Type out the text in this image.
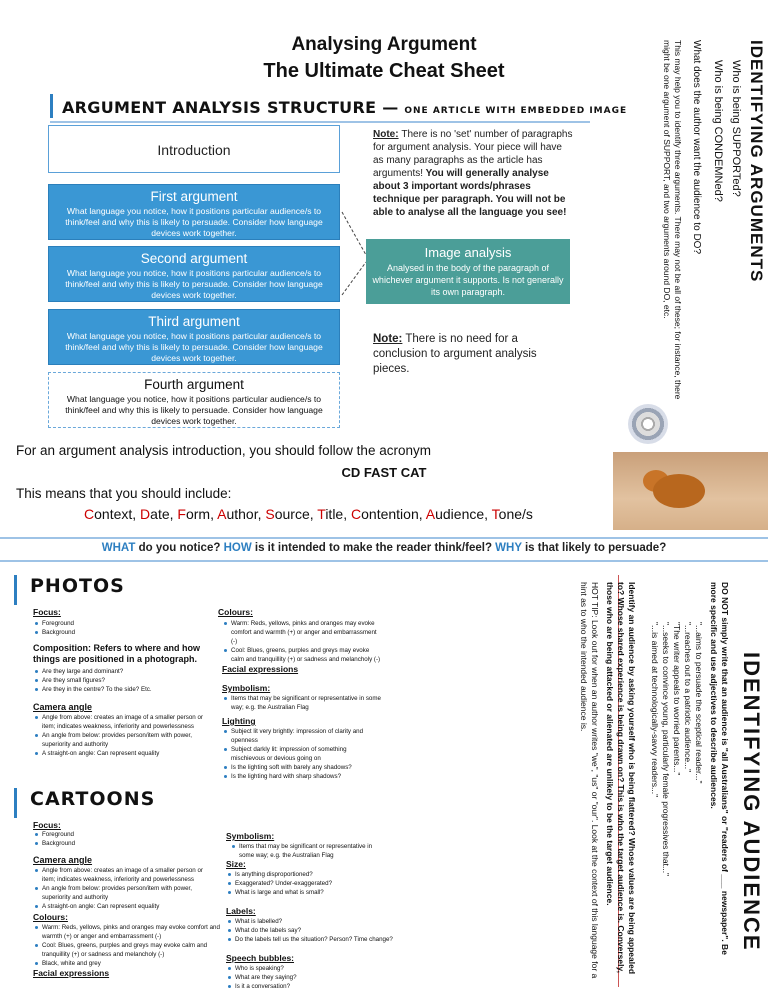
Analysing Argument
The Ultimate Cheat Sheet
ARGUMENT ANALYSIS STRUCTURE — ONE ARTICLE WITH EMBEDDED IMAGE
Introduction
First argument

What language you notice, how it positions particular audience/s to think/feel and why this is likely to persuade. Consider how language devices work together.

Second argument

What language you notice, how it positions particular audience/s to think/feel and why this is likely to persuade. Consider how language devices work together.

Third argument

What language you notice, how it positions particular audience/s to think/feel and why this is likely to persuade. Consider how language devices work together.

Fourth argument

What language you notice, how it positions particular audience/s to think/feel and why this is likely to persuade. Consider how language devices work together.

Note: There is no 'set' number of paragraphs for argument analysis. Your piece will have as many paragraphs as the article has arguments! You will generally analyse about 3 important words/phrases technique per paragraph. You will not be able to analyse all the language you see!
Image analysis

Analysed in the body of the paragraph of whichever argument it supports. Is not generally its own paragraph.

Note: There is no need for a conclusion to argument analysis pieces.
IDENTIFYING ARGUMENTS
Who is being SUPPORTed?
Who is being CONDEMNed?
What does the author want the audience to DO?
This may help you to identify three arguments. There may not be all of these; for instance, there might be one argument of SUPPORT, and two arguments around DO, etc.
For an argument analysis introduction, you should follow the acronym
CD FAST CAT
This means that you should include:
Context, Date, Form, Author, Source, Title, Contention, Audience, Tone/s
WHAT do you notice? HOW is it intended to make the reader think/feel? WHY is that likely to persuade?
PHOTOS
Focus:
Foreground
Background
Composition: Refers to where and how things are positioned in a photograph.
Are they large and dominant?
Are they small figures?
Are they in the centre? To the side? Etc.
Camera angle
Angle from above: creates an image of a smaller person or item; indicates weakness, inferiority and powerlessness
An angle from below: provides person/item with power, superiority and authority
A straight-on angle: Can represent equality
Colours:
Warm: Reds, yellows, pinks and oranges may evoke comfort and warmth (+) or anger and embarrassment (-)
Cool: Blues, greens, purples and greys may evoke calm and tranquillity (+) or sadness and melancholy (-)
Facial expressions
Symbolism:
Items that may be significant or representative in some way; e.g. the Australian Flag
Lighting
Subject lit very brightly: impression of clarity and openness
Subject darkly lit: impression of something mischievous or devious going on
Is the lighting soft with barely any shadows?
Is the lighting hard with sharp shadows?
CARTOONS
Focus:
Foreground
Background
Camera angle
Angle from above: creates an image of a smaller person or item; indicates weakness, inferiority and powerlessness
An angle from below: provides person/item with power, superiority and authority
A straight-on angle: Can represent equality
Colours:
Warm: Reds, yellows, pinks and oranges may evoke comfort and warmth (+) or anger and embarrassment (-)
Cool: Blues, greens, purples and greys may evoke calm and tranquillity (+) or sadness and melancholy (-)
Black, white and grey
Facial expressions
Symbolism:
Items that may be significant or representative in some way; e.g. the Australian Flag
Size:
Is anything disproportioned?
Exaggerated? Under-exaggerated?
What is large and what is small?
Labels:
What is labelled?
What do the labels say?
Do the labels tell us the situation? Person? Time change?
Speech bubbles:
Who is speaking?
What are they saying?
Is it a conversation?
IDENTIFYING AUDIENCE
DO NOT simply write that an audience is "all Australians" or "readers of ___ newspaper". Be more specific and use adjectives to describe audiences.
"...aims to persuade the sceptical reader..."
"...reaches out to a patriotic audience..."
"The writer appeals to worried parents..."
"...seeks to convince young, particularly female progressives that..."
"...is aimed at technologically-savvy readers..."
Identify an audience by asking yourself who is being flattered? Whose values are being appealed to? Whose shared experience is being drawn on? This is who the target audience is. Conversely, those who are being attacked or alienated are unlikely to be the target audience.
HOT TIP: Look out for when an author writes "we", "us" or "our". Look at the context of this language for a hint as to who the intended audience is.
